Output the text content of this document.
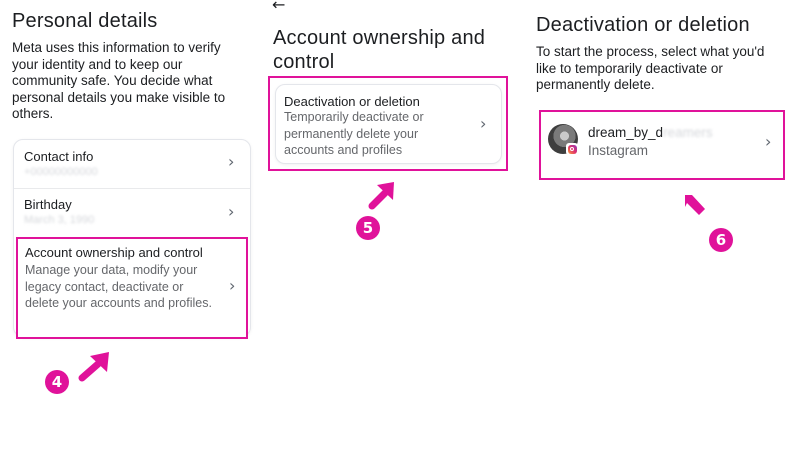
Personal details
Meta uses this information to verify your identity and to keep our community safe. You decide what personal details you make visible to others.
Contact info
+00000000000
›
Birthday
March 3, 1990	›
Account ownership and control
Manage your data, modify your legacy contact, deactivate or delete your accounts and profiles.
›
4
←
Account ownership and control
Deactivation or deletion
Temporarily deactivate or permanently delete your accounts and profiles
›
5
Deactivation or deletion
To start the process, select what you'd like to temporarily deactivate or permanently delete.
dream_by_dreamers
Instagram	›
6
